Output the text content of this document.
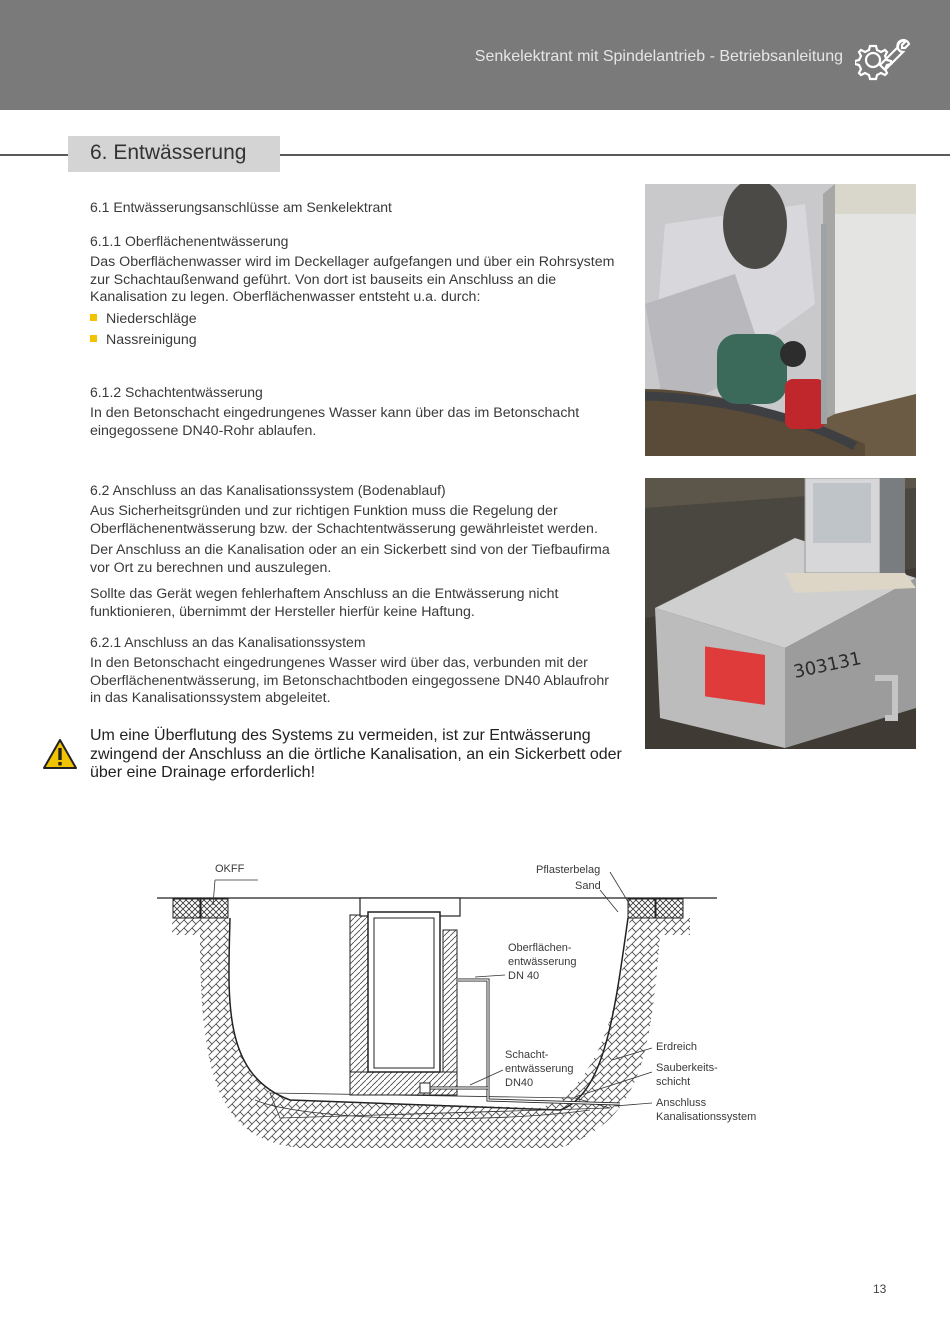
Senkelektrant mit Spindelantrieb - Betriebsanleitung
6. Entwässerung
6.1 Entwässerungsanschlüsse am Senkelektrant
6.1.1 Oberflächenentwässerung
Das Oberflächenwasser wird im Deckellager aufgefangen und über ein Rohrsystem
zur Schachtaußenwand geführt. Von dort ist bauseits ein Anschluss an die
Kanalisation zu legen. Oberflächenwasser entsteht u.a. durch:
Niederschläge
Nassreinigung
6.1.2 Schachtentwässerung
In den Betonschacht eingedrungenes Wasser kann über das im Betonschacht
eingegossene DN40-Rohr ablaufen.
6.2 Anschluss an das Kanalisationssystem (Bodenablauf)
Aus Sicherheitsgründen und zur richtigen Funktion muss die Regelung der
Oberflächenentwässerung bzw. der Schachtentwässerung gewährleistet werden.
Der Anschluss an die Kanalisation oder an ein Sickerbett sind von der Tiefbaufirma
vor Ort zu berechnen und auszulegen.
Sollte das Gerät wegen fehlerhaftem Anschluss an die Entwässerung nicht
funktionieren, übernimmt der Hersteller hierfür keine Haftung.
6.2.1 Anschluss an das Kanalisationssystem
In den Betonschacht eingedrungenes Wasser wird über das, verbunden mit der
Oberflächenentwässerung, im Betonschachtboden eingegossene DN40 Ablaufrohr
in das Kanalisationssystem abgeleitet.
Um eine Überflutung des Systems zu vermeiden, ist zur Entwässerung
zwingend der Anschluss an die örtliche Kanalisation, an ein Sickerbett oder
über eine Drainage erforderlich!
303131
OKFF	Pflasterbelag
Sand
Oberflächen-
entwässerung
DN 40
Schacht-
entwässerung
DN40
Erdreich
Sauberkeits-
schicht
Anschluss
Kanalisationssystem
13
